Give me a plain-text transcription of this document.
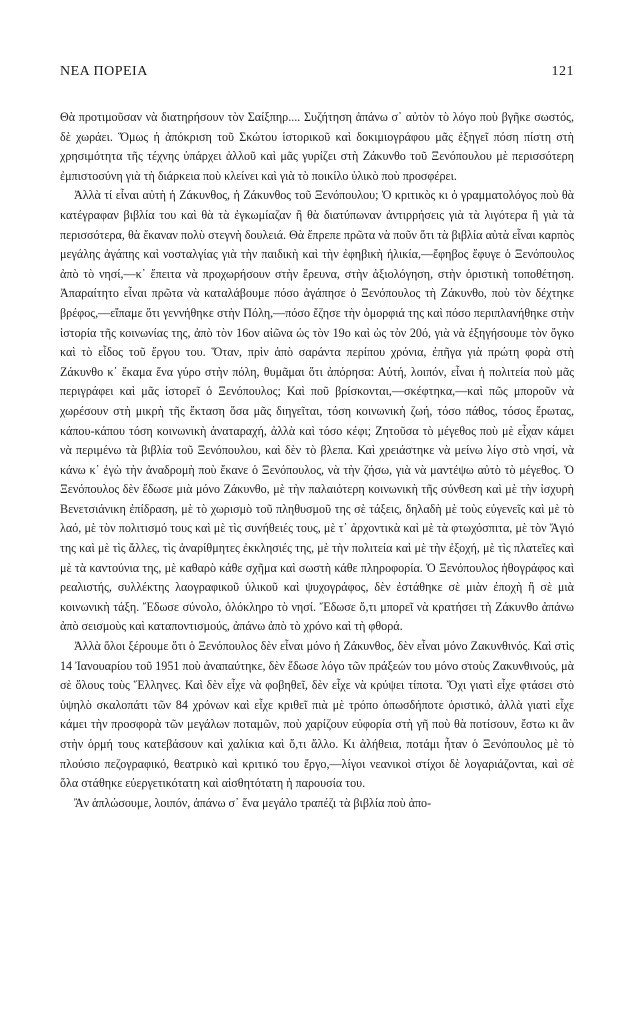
ΝΕΑ ΠΟΡΕΙΑ	121

Θὰ προτιμοῦσαν νὰ διατηρήσουν τὸν Σαίξπηρ.... Συζήτηση ἀπάνω σ᾽ αὐτὸν τὸ λόγο ποὺ βγῆκε σωστός, δὲ χωράει. Ὅμως ἡ ἀπόκριση τοῦ Σκώτου ἱστορικοῦ καὶ δοκιμιογράφου μᾶς ἐξηγεῖ πόση πίστη στὴ χρησιμότητα τῆς τέχνης ὑπάρχει ἀλλοῦ καὶ μᾶς γυρίζει στὴ Ζάκυνθο τοῦ Ξενόπουλου μὲ περισσότερη ἐμπιστοσύνη γιὰ τὴ διάρκεια ποὺ κλείνει καὶ γιὰ τὸ ποικίλο ὑλικὸ ποὺ προσφέρει.

Ἀλλὰ τί εἶναι αὐτὴ ἡ Ζάκυνθος, ἡ Ζάκυνθος τοῦ Ξενόπουλου; Ὁ κριτικὸς κι ὁ γραμματολόγος ποὺ θὰ κατέγραφαν βιβλία του καὶ θὰ τὰ ἐγκωμίαζαν ἢ θὰ διατύπωναν ἀντιρρήσεις γιὰ τὰ λιγότερα ἢ γιὰ τὰ περισσότερα, θὰ ἔκαναν πολὺ στεγνὴ δουλειά. Θὰ ἔπρεπε πρῶτα νὰ ποῦν ὅτι τὰ βιβλία αὐτὰ εἶναι καρπὸς μεγάλης ἀγάπης καὶ νοσταλγίας γιὰ τὴν παιδικὴ καὶ τὴν ἐφηβικὴ ἡλικία,—ἔφηβος ἔφυγε ὁ Ξενόπουλος ἀπὸ τὸ νησί,—κ᾽ ἔπειτα νὰ προχωρήσουν στὴν ἔρευνα, στὴν ἀξιολόγηση, στὴν ὁριστικὴ τοποθέτηση. Ἀπαραίτητο εἶναι πρῶτα νὰ καταλάβουμε πόσο ἀγάπησε ὁ Ξενόπουλος τὴ Ζάκυνθο, ποὺ τὸν δέχτηκε βρέφος,—εἴπαμε ὅτι γεννήθηκε στὴν Πόλη,—πόσο ἔζησε τὴν ὀμορφιά της καὶ πόσο περιπλανήθηκε στὴν ἱστορία τῆς κοινωνίας της, ἀπὸ τὸν 16ον αἰῶνα ὡς τὸν 19ο καὶ ὡς τὸν 20ό, γιὰ νὰ ἐξηγήσουμε τὸν ὄγκο καὶ τὸ εἶδος τοῦ ἔργου του. Ὅταν, πρὶν ἀπὸ σαράντα περίπου χρόνια, ἐπῆγα γιὰ πρώτη φορὰ στὴ Ζάκυνθο κ᾽ ἔκαμα ἕνα γύρο στὴν πόλη, θυμᾶμαι ὅτι ἀπόρησα: Αὐτή, λοιπόν, εἶναι ἡ πολιτεία ποὺ μᾶς περιγράφει καὶ μᾶς ἱστορεῖ ὁ Ξενόπουλος; Καὶ ποῦ βρίσκονται,—σκέφτηκα,—καὶ πῶς μποροῦν νὰ χωρέσουν στὴ μικρὴ τῆς ἔκταση ὅσα μᾶς διηγεῖται, τόση κοινωνικὴ ζωή, τόσο πάθος, τόσος ἔρωτας, κάπου-κάπου τόση κοινωνικὴ ἀναταραχή, ἀλλὰ καὶ τόσο κέφι; Ζητοῦσα τὸ μέγεθος ποὺ μὲ εἶχαν κάμει νὰ περιμένω τὰ βιβλία τοῦ Ξενόπουλου, καὶ δὲν τὸ βλεπα. Καὶ χρειάστηκε νὰ μείνω λίγο στὸ νησί, νὰ κάνω κ᾽ ἐγὼ τὴν ἀναδρομὴ ποὺ ἔκανε ὁ Ξενόπουλος, νὰ τὴν ζήσω, γιὰ νὰ μαντέψω αὐτὸ τὸ μέγεθος. Ὁ Ξενόπουλος δὲν ἔδωσε μιὰ μόνο Ζάκυνθο, μὲ τὴν παλαιότερη κοινωνικὴ τῆς σύνθεση καὶ μὲ τὴν ἰσχυρὴ Βενετσιάνικη ἐπίδραση, μὲ τὸ χωρισμὸ τοῦ πληθυσμοῦ της σὲ τάξεις, δηλαδὴ μὲ τοὺς εὐγενεῖς καὶ μὲ τὸ λαό, μὲ τὸν πολιτισμό τους καὶ μὲ τὶς συνήθειές τους, μὲ τ᾽ ἀρχοντικὰ καὶ μὲ τὰ φτωχόσπιτα, μὲ τὸν Ἅγιό της καὶ μὲ τὶς ἄλλες, τὶς ἀναρίθμητες ἐκκλησιές της, μὲ τὴν πολιτεία καὶ μὲ τὴν ἐξοχή, μὲ τὶς πλατεῖες καὶ μὲ τὰ καντούνια της, μὲ καθαρὸ κάθε σχῆμα καὶ σωστὴ κάθε πληροφορία. Ὁ Ξενόπουλος ἠθογράφος καὶ ρεαλιστής, συλλέκτης λαογραφικοῦ ὑλικοῦ καὶ ψυχογράφος, δὲν ἐστάθηκε σὲ μιὰν ἐποχὴ ἢ σὲ μιὰ κοινωνικὴ τάξη. Ἔδωσε σύνολο, ὁλόκληρο τὸ νησί. Ἔδωσε ὅ,τι μπορεῖ νὰ κρατήσει τὴ Ζάκυνθο ἀπάνω ἀπὸ σεισμοὺς καὶ καταποντισμούς, ἀπάνω ἀπὸ τὸ χρόνο καὶ τὴ φθορά.

Ἀλλὰ ὅλοι ξέρουμε ὅτι ὁ Ξενόπουλος δὲν εἶναι μόνο ἡ Ζάκυνθος, δὲν εἶναι μόνο Ζακυνθινός. Καὶ στὶς 14 Ἰανουαρίου τοῦ 1951 ποὺ ἀναπαύτηκε, δὲν ἔδωσε λόγο τῶν πράξεών του μόνο στοὺς Ζακυνθινούς, μὰ σὲ ὅλους τοὺς Ἕλληνες. Καὶ δὲν εἶχε νὰ φοβηθεῖ, δὲν εἶχε νὰ κρύψει τίποτα. Ὄχι γιατὶ εἶχε φτάσει στὸ ὑψηλὸ σκαλοπάτι τῶν 84 χρόνων καὶ εἶχε κριθεῖ πιὰ μὲ τρόπο ὁπωσδήποτε ὁριστικό, ἀλλὰ γιατὶ εἶχε κάμει τὴν προσφορὰ τῶν μεγάλων ποταμῶν, ποὺ χαρίζουν εὐφορία στὴ γῆ ποὺ θὰ ποτίσουν, ἔστω κι ἂν στὴν ὁρμή τους κατεβάσουν καὶ χαλίκια καὶ ὅ,τι ἄλλο. Κι ἀλήθεια, ποτάμι ἦταν ὁ Ξενόπουλος μὲ τὸ πλούσιο πεζογραφικό, θεατρικὸ καὶ κριτικό του ἔργο,—λίγοι νεανικοὶ στίχοι δὲ λογαριάζονται, καὶ σὲ ὅλα στάθηκε εὐεργετικότατη καὶ αἰσθητότατη ἡ παρουσία του.

Ἂν ἁπλώσουμε, λοιπόν, ἀπάνω σ᾽ ἕνα μεγάλο τραπέζι τὰ βιβλία ποὺ ἀπο-
